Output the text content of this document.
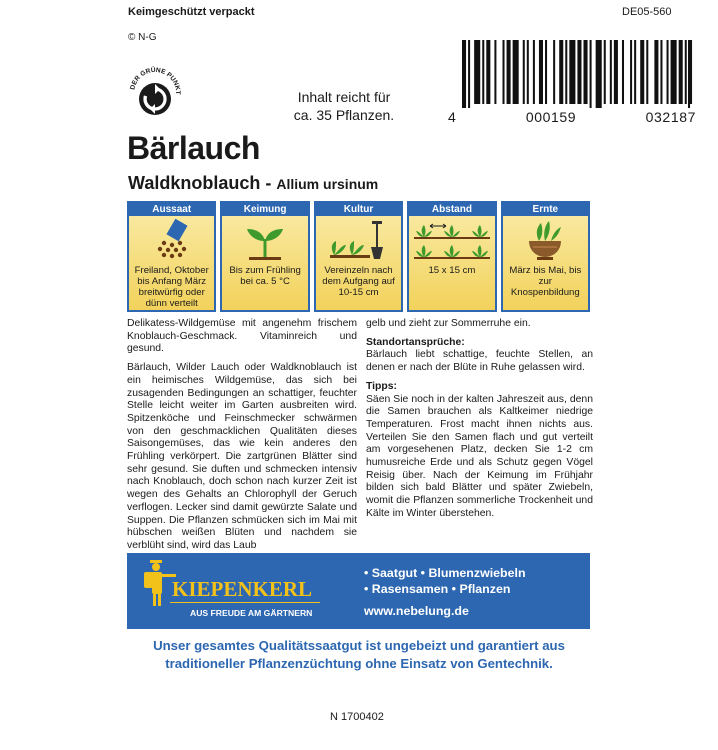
Keimgeschützt verpackt	DE05-560
© N-G
DER GRÜNE PUNKT	Inhalt reicht für
ca. 35 Pflanzen.	4	000159	032187
Bärlauch
Waldknoblauch - Allium ursinum
Aussaat
Freiland, Oktober bis Anfang März breitwürfig oder dünn verteilt
Keimung
Bis zum Frühling bei ca. 5 °C
Kultur
Vereinzeln nach dem Aufgang auf 10-15 cm
Abstand
15 x 15 cm
Ernte
März bis Mai, bis zur Knospenbildung

Delikatess-Wildgemüse mit angenehm frischem Knoblauch-Geschmack. Vitaminreich und gesund.

Bärlauch, Wilder Lauch oder Waldknoblauch ist ein heimisches Wildgemüse, das sich bei zusagenden Bedingungen an schattiger, feuchter Stelle leicht weiter im Garten ausbreiten wird. Spitzenköche und Feinschmecker schwärmen von den geschmacklichen Qualitäten dieses Saisongemüses, das wie kein anderes den Frühling verkörpert. Die zartgrünen Blätter sind sehr gesund. Sie duften und schmecken intensiv nach Knoblauch, doch schon nach kurzer Zeit ist wegen des Gehalts an Chlorophyll der Geruch verflogen. Lecker sind damit gewürzte Salate und Suppen. Die Pflanzen schmücken sich im Mai mit hübschen weißen Blüten und nachdem sie verblüht sind, wird das Laub

gelb und zieht zur Sommerruhe ein.

Standortansprüche:

Bärlauch liebt schattige, feuchte Stellen, an denen er nach der Blüte in Ruhe gelassen wird.

Tipps:

Säen Sie noch in der kalten Jahreszeit aus, denn die Samen brauchen als Kaltkeimer niedrige Temperaturen. Frost macht ihnen nichts aus. Verteilen Sie den Samen flach und gut verteilt am vorgesehenen Platz, decken Sie 1-2 cm humusreiche Erde und als Schutz gegen Vögel Reisig über. Nach der Keimung im Frühjahr bilden sich bald Blätter und später Zwiebeln, womit die Pflanzen sommerliche Trockenheit und Kälte im Winter überstehen.

KIEPENKERL
AUS FREUDE AM GÄRTNERN
• Saatgut • Blumenzwiebeln
• Rasensamen • Pflanzen
www.nebelung.de
Unser gesamtes Qualitätssaatgut ist ungebeizt und garantiert aus
traditioneller Pflanzenzüchtung ohne Einsatz von Gentechnik.
N 1700402
